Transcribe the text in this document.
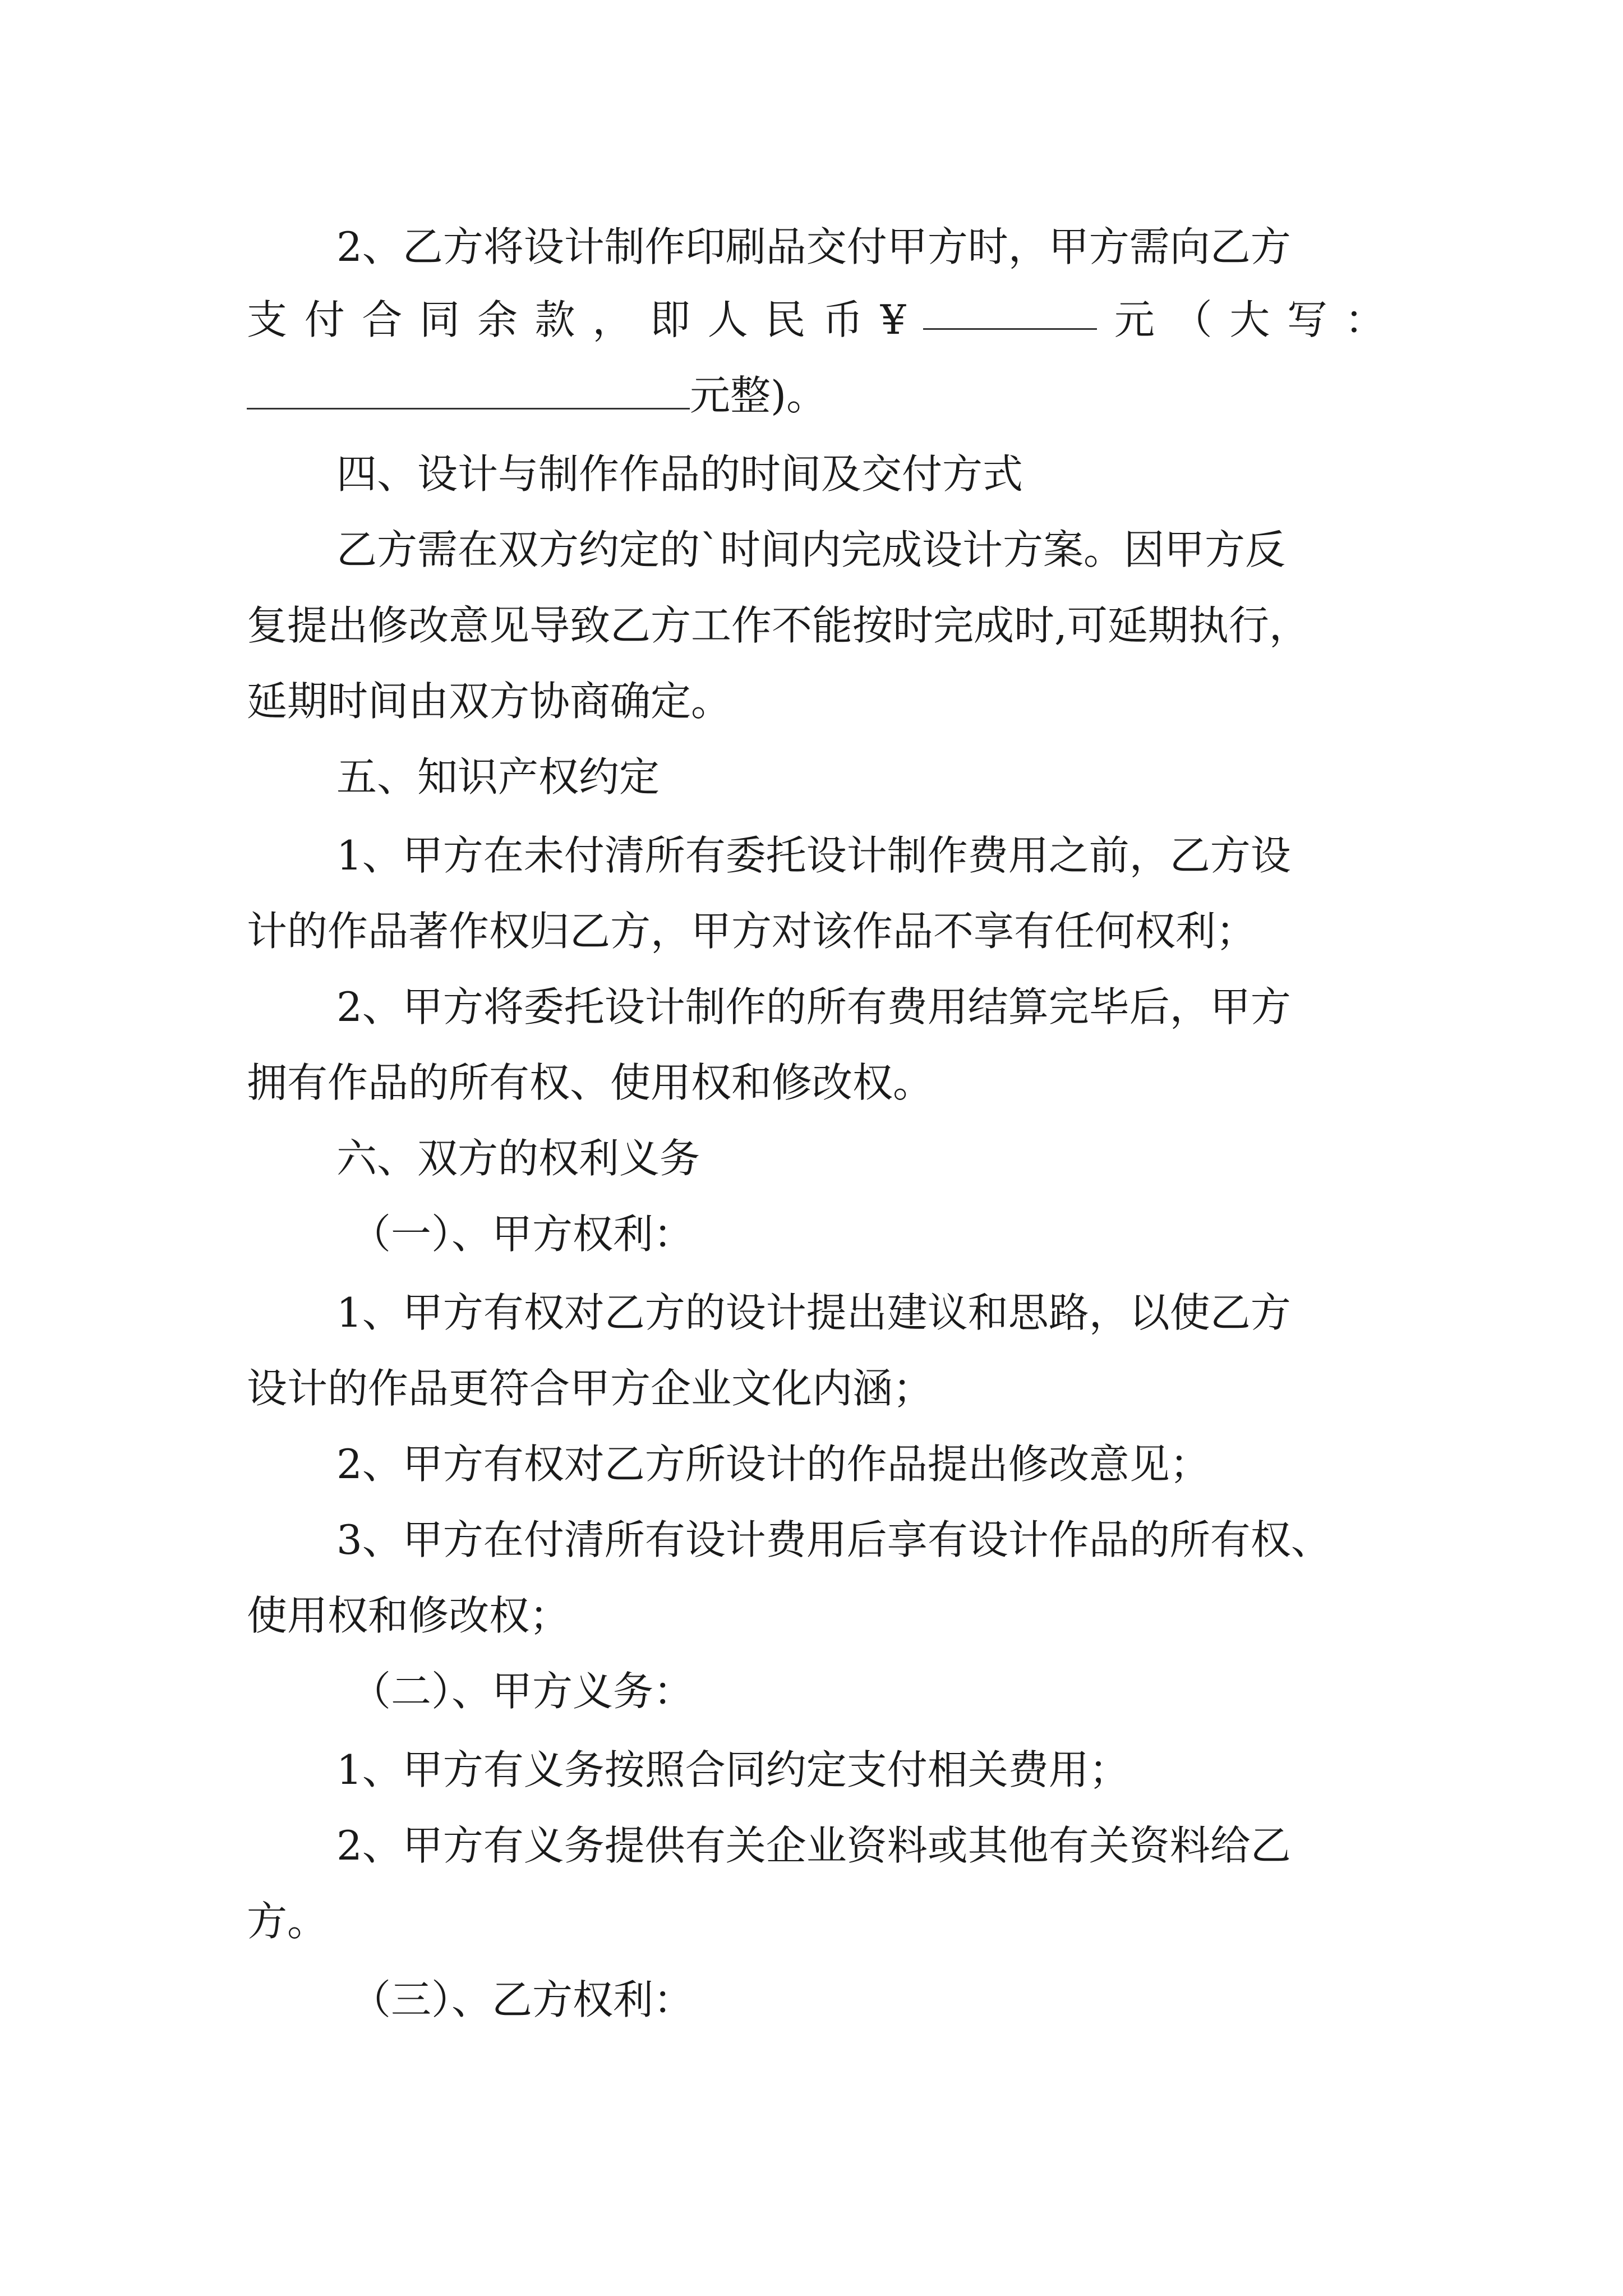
2、乙方将设计制作印刷品交付甲方时，甲方需向乙方
支 付 合 同 余 款 ， 即 人 民 币 ¥	元 （ 大 写 ：
元整)。
四、设计与制作作品的时间及交付方式
乙方需在双方约定的`时间内完成设计方案。因甲方反
复提出修改意见导致乙方工作不能按时完成时,可延期执行，
延期时间由双方协商确定。
五、知识产权约定
1、甲方在未付清所有委托设计制作费用之前，乙方设
计的作品著作权归乙方，甲方对该作品不享有任何权利；
2、甲方将委托设计制作的所有费用结算完毕后，甲方
拥有作品的所有权、使用权和修改权。
六、双方的权利义务
（一）、甲方权利：
1、甲方有权对乙方的设计提出建议和思路，以使乙方
设计的作品更符合甲方企业文化内涵；
2、甲方有权对乙方所设计的作品提出修改意见；
3、甲方在付清所有设计费用后享有设计作品的所有权、
使用权和修改权；
（二）、甲方义务：
1、甲方有义务按照合同约定支付相关费用；
2、甲方有义务提供有关企业资料或其他有关资料给乙
方。
（三）、乙方权利：
